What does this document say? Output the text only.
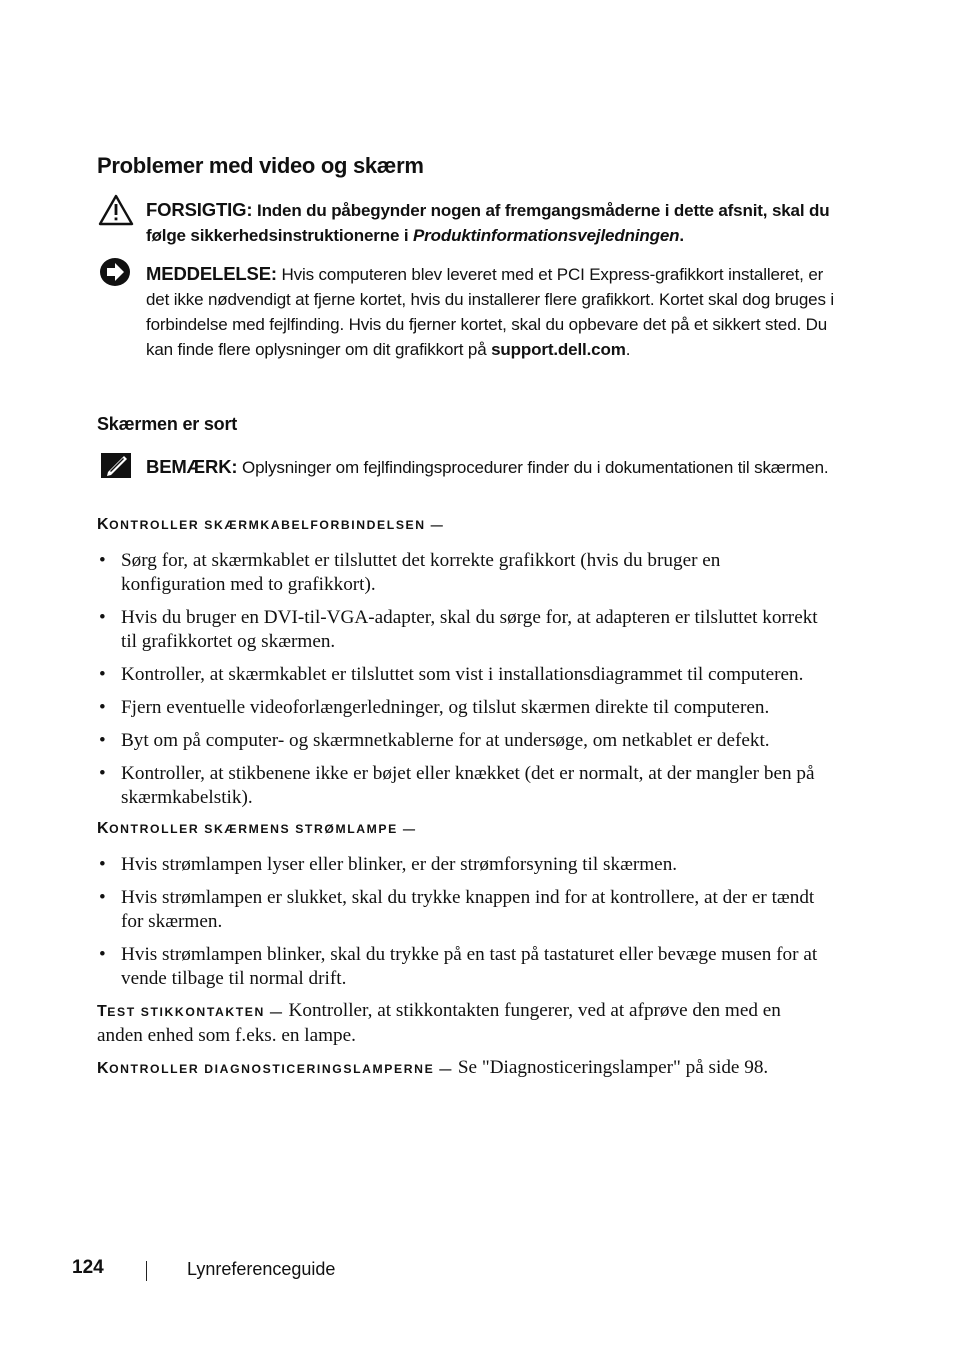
Problemer med video og skærm
FORSIGTIG: Inden du påbegynder nogen af fremgangsmåderne i dette afsnit, skal du følge sikkerhedsinstruktionerne i Produktinformationsvejledningen.
MEDDELELSE: Hvis computeren blev leveret med et PCI Express-grafikkort installeret, er det ikke nødvendigt at fjerne kortet, hvis du installerer flere grafikkort. Kortet skal dog bruges i forbindelse med fejlfinding. Hvis du fjerner kortet, skal du opbevare det på et sikkert sted. Du kan finde flere oplysninger om dit grafikkort på support.dell.com.
Skærmen er sort
BEMÆRK: Oplysninger om fejlfindingsprocedurer finder du i dokumentationen til skærmen.
KONTROLLER SKÆRMKABELFORBINDELSEN —
• Sørg for, at skærmkablet er tilsluttet det korrekte grafikkort (hvis du bruger en konfiguration med to grafikkort).
• Hvis du bruger en DVI-til-VGA-adapter, skal du sørge for, at adapteren er tilsluttet korrekt til grafikkortet og skærmen.
• Kontroller, at skærmkablet er tilsluttet som vist i installationsdiagrammet til computeren.
• Fjern eventuelle videoforlængerledninger, og tilslut skærmen direkte til computeren.
• Byt om på computer- og skærmnetkablerne for at undersøge, om netkablet er defekt.
• Kontroller, at stikbenene ikke er bøjet eller knækket (det er normalt, at der mangler ben på skærmkabelstik).
KONTROLLER SKÆRMENS STRØMLAMPE —
• Hvis strømlampen lyser eller blinker, er der strømforsyning til skærmen.
• Hvis strømlampen er slukket, skal du trykke knappen ind for at kontrollere, at der er tændt for skærmen.
• Hvis strømlampen blinker, skal du trykke på en tast på tastaturet eller bevæge musen for at vende tilbage til normal drift.
TEST STIKKONTAKTEN — Kontroller, at stikkontakten fungerer, ved at afprøve den med en anden enhed som f.eks. en lampe.
KONTROLLER DIAGNOSTICERINGSLAMPERNE — Se "Diagnosticeringslamper" på side 98.
124	Lynreferenceguide
